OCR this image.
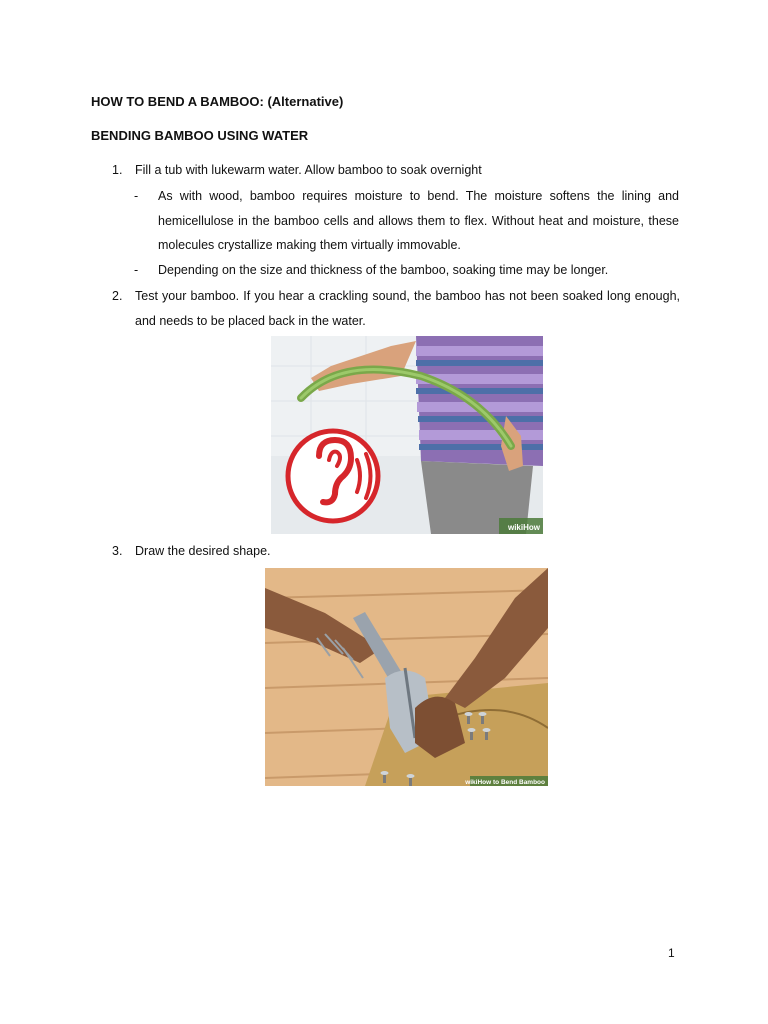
HOW TO BEND A BAMBOO: (Alternative)
BENDING BAMBOO USING WATER
1. Fill a tub with lukewarm water. Allow bamboo to soak overnight
- As with wood, bamboo requires moisture to bend. The moisture softens the lining and hemicellulose in the bamboo cells and allows them to flex. Without heat and moisture, these molecules crystallize making them virtually immovable.
- Depending on the size and thickness of the bamboo, soaking time may be longer.
2. Test your bamboo. If you hear a crackling sound, the bamboo has not been soaked long enough, and needs to be placed back in the water.
wikiHow
3. Draw the desired shape.
wikiHow to Bend Bamboo
1
